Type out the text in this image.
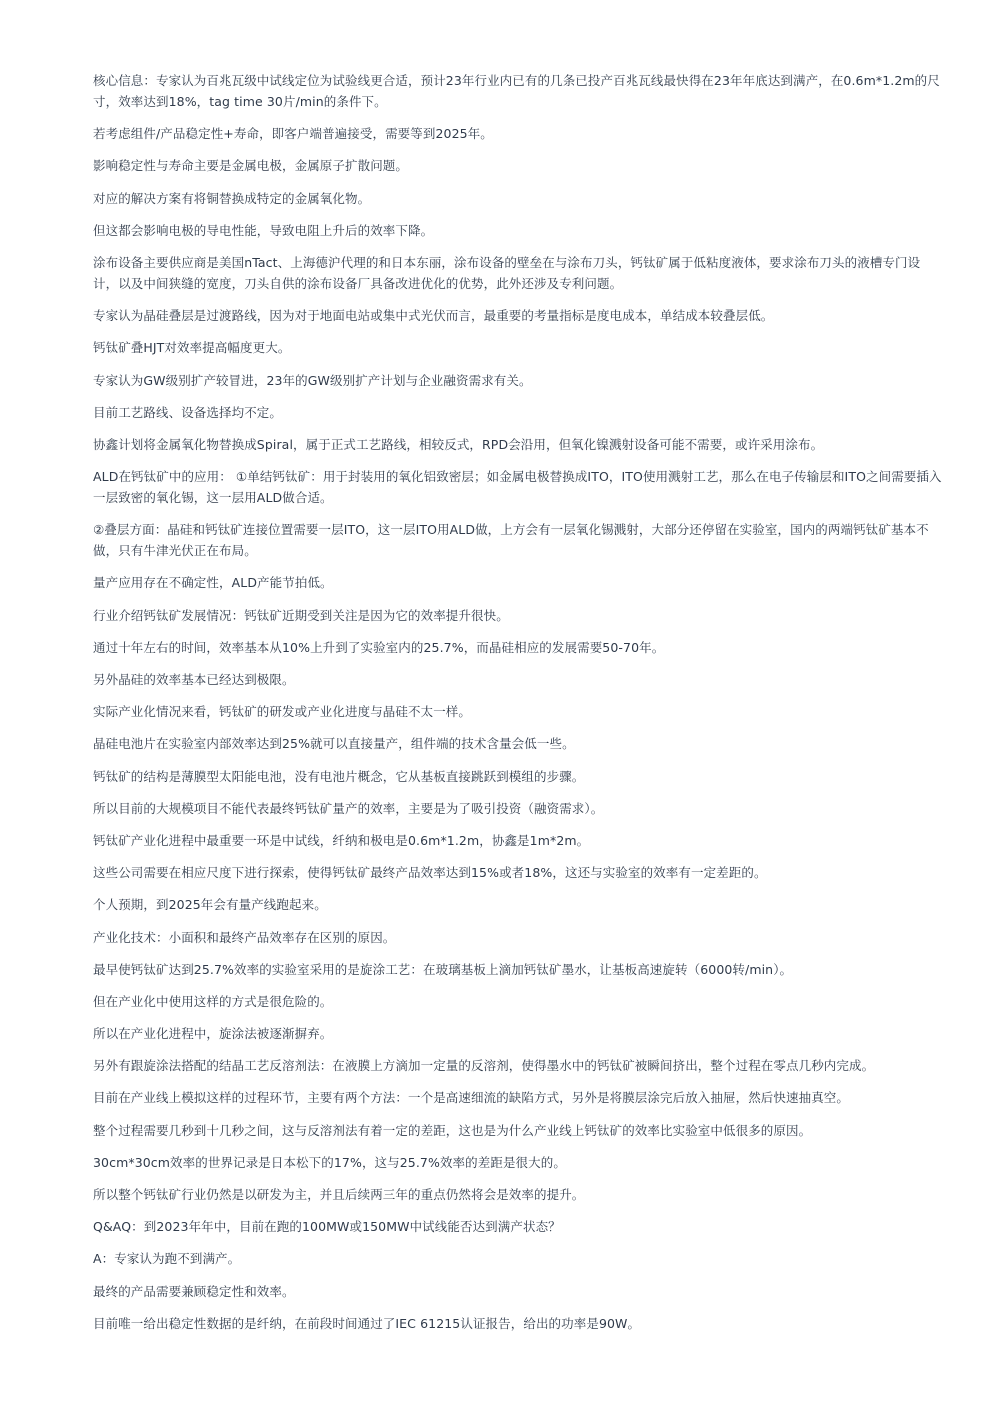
核心信息：专家认为百兆瓦级中试线定位为试验线更合适，预计23年行业内已有的几条已投产百兆瓦线最快得在23年年底达到满产，在0.6m*1.2m的尺寸，效率达到18%，tag time 30片/min的条件下。

若考虑组件/产品稳定性+寿命，即客户端普遍接受，需要等到2025年。

影响稳定性与寿命主要是金属电极，金属原子扩散问题。

对应的解决方案有将铜替换成特定的金属氧化物。

但这都会影响电极的导电性能，导致电阻上升后的效率下降。

涂布设备主要供应商是美国nTact、上海德沪代理的和日本东丽，涂布设备的壁垒在与涂布刀头，钙钛矿属于低粘度液体，要求涂布刀头的液槽专门设计，以及中间狭缝的宽度，刀头自供的涂布设备厂具备改进优化的优势，此外还涉及专利问题。

专家认为晶硅叠层是过渡路线，因为对于地面电站或集中式光伏而言，最重要的考量指标是度电成本，单结成本较叠层低。

钙钛矿叠HJT对效率提高幅度更大。

专家认为GW级别扩产较冒进，23年的GW级别扩产计划与企业融资需求有关。

目前工艺路线、设备选择均不定。

协鑫计划将金属氧化物替换成Spiral，属于正式工艺路线，相较反式，RPD会沿用，但氧化镍溅射设备可能不需要，或许采用涂布。

ALD在钙钛矿中的应用： ①单结钙钛矿：用于封装用的氧化铝致密层；如金属电极替换成ITO，ITO使用溅射工艺，那么在电子传输层和ITO之间需要插入一层致密的氧化锡，这一层用ALD做合适。

②叠层方面：晶硅和钙钛矿连接位置需要一层ITO，这一层ITO用ALD做，上方会有一层氧化锡溅射，大部分还停留在实验室，国内的两端钙钛矿基本不做，只有牛津光伏正在布局。

量产应用存在不确定性，ALD产能节拍低。

行业介绍钙钛矿发展情况：钙钛矿近期受到关注是因为它的效率提升很快。

通过十年左右的时间，效率基本从10%上升到了实验室内的25.7%，而晶硅相应的发展需要50-70年。

另外晶硅的效率基本已经达到极限。

实际产业化情况来看，钙钛矿的研发或产业化进度与晶硅不太一样。

晶硅电池片在实验室内部效率达到25%就可以直接量产，组件端的技术含量会低一些。

钙钛矿的结构是薄膜型太阳能电池，没有电池片概念，它从基板直接跳跃到模组的步骤。

所以目前的大规模项目不能代表最终钙钛矿量产的效率，主要是为了吸引投资（融资需求）。

钙钛矿产业化进程中最重要一环是中试线，纤纳和极电是0.6m*1.2m，协鑫是1m*2m。

这些公司需要在相应尺度下进行探索，使得钙钛矿最终产品效率达到15%或者18%，这还与实验室的效率有一定差距的。

个人预期，到2025年会有量产线跑起来。

产业化技术：小面积和最终产品效率存在区别的原因。

最早使钙钛矿达到25.7%效率的实验室采用的是旋涂工艺：在玻璃基板上滴加钙钛矿墨水，让基板高速旋转（6000转/min）。

但在产业化中使用这样的方式是很危险的。

所以在产业化进程中，旋涂法被逐渐摒弃。

另外有跟旋涂法搭配的结晶工艺反溶剂法：在液膜上方滴加一定量的反溶剂，使得墨水中的钙钛矿被瞬间挤出，整个过程在零点几秒内完成。

目前在产业线上模拟这样的过程环节，主要有两个方法：一个是高速细流的缺陷方式，另外是将膜层涂完后放入抽屉，然后快速抽真空。

整个过程需要几秒到十几秒之间，这与反溶剂法有着一定的差距，这也是为什么产业线上钙钛矿的效率比实验室中低很多的原因。

30cm*30cm效率的世界记录是日本松下的17%，这与25.7%效率的差距是很大的。

所以整个钙钛矿行业仍然是以研发为主，并且后续两三年的重点仍然将会是效率的提升。

Q&AQ：到2023年年中，目前在跑的100MW或150MW中试线能否达到满产状态？

A：专家认为跑不到满产。

最终的产品需要兼顾稳定性和效率。

目前唯一给出稳定性数据的是纤纳，在前段时间通过了IEC 61215认证报告，给出的功率是90W。
